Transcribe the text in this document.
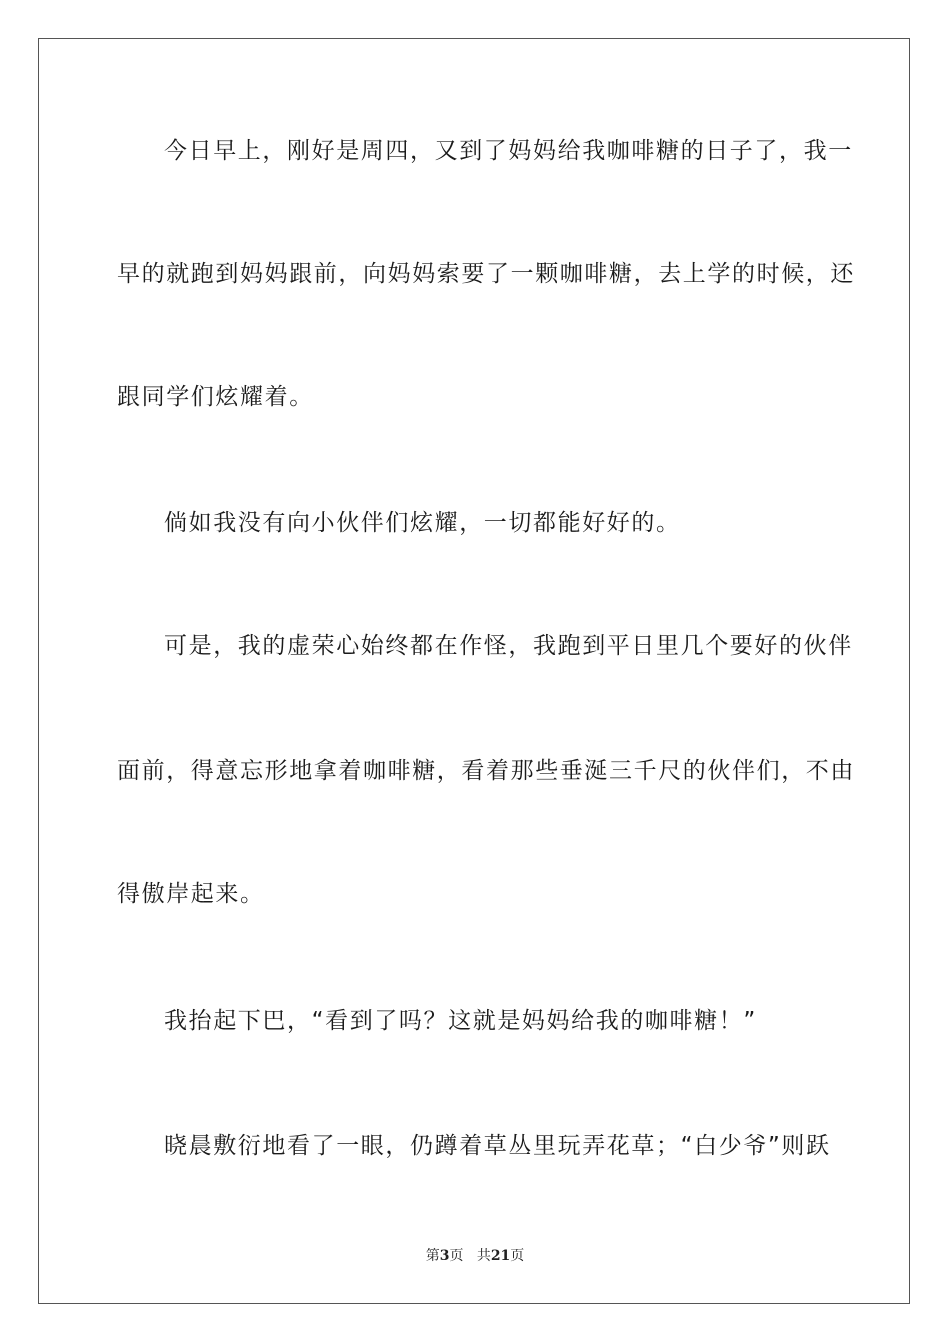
今日早上，刚好是周四，又到了妈妈给我咖啡糖的日子了，我一
早的就跑到妈妈跟前，向妈妈索要了一颗咖啡糖，去上学的时候，还
跟同学们炫耀着。
倘如我没有向小伙伴们炫耀，一切都能好好的。
可是，我的虚荣心始终都在作怪，我跑到平日里几个要好的伙伴
面前，得意忘形地拿着咖啡糖，看着那些垂涎三千尺的伙伴们，不由
得傲岸起来。
我抬起下巴，“看到了吗？这就是妈妈给我的咖啡糖！”
晓晨敷衍地看了一眼，仍蹲着草丛里玩弄花草；“白少爷”则跃
第3页 共21页
